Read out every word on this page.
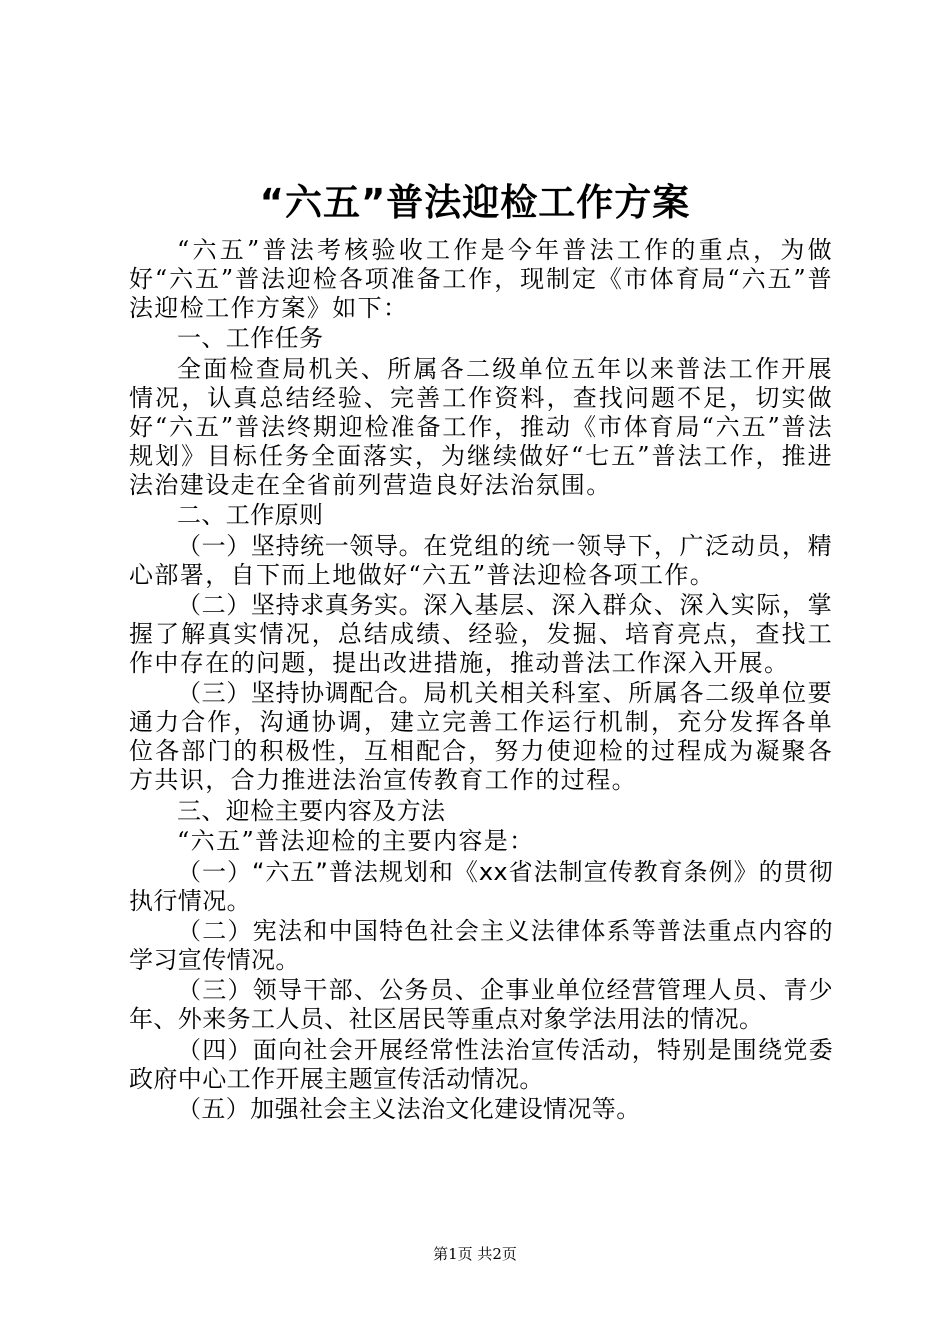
“六五”普法迎检工作方案

“六五”普法考核验收工作是今年普法工作的重点，为做好“六五”普法迎检各项准备工作，现制定《市体育局“六五”普法迎检工作方案》如下：

一、工作任务

全面检查局机关、所属各二级单位五年以来普法工作开展情况，认真总结经验、完善工作资料，查找问题不足，切实做好“六五”普法终期迎检准备工作，推动《市体育局“六五”普法规划》目标任务全面落实，为继续做好“七五”普法工作，推进法治建设走在全省前列营造良好法治氛围。

二、工作原则

（一）坚持统一领导。在党组的统一领导下，广泛动员，精心部署，自下而上地做好“六五”普法迎检各项工作。

（二）坚持求真务实。深入基层、深入群众、深入实际，掌握了解真实情况，总结成绩、经验，发掘、培育亮点，查找工作中存在的问题，提出改进措施，推动普法工作深入开展。

（三）坚持协调配合。局机关相关科室、所属各二级单位要通力合作，沟通协调，建立完善工作运行机制，充分发挥各单位各部门的积极性，互相配合，努力使迎检的过程成为凝聚各方共识，合力推进法治宣传教育工作的过程。

三、迎检主要内容及方法

“六五”普法迎检的主要内容是：

（一）“六五”普法规划和《xx省法制宣传教育条例》的贯彻执行情况。

（二）宪法和中国特色社会主义法律体系等普法重点内容的学习宣传情况。

（三）领导干部、公务员、企事业单位经营管理人员、青少年、外来务工人员、社区居民等重点对象学法用法的情况。

（四）面向社会开展经常性法治宣传活动，特别是围绕党委政府中心工作开展主题宣传活动情况。

（五）加强社会主义法治文化建设情况等。

第1页 共2页
